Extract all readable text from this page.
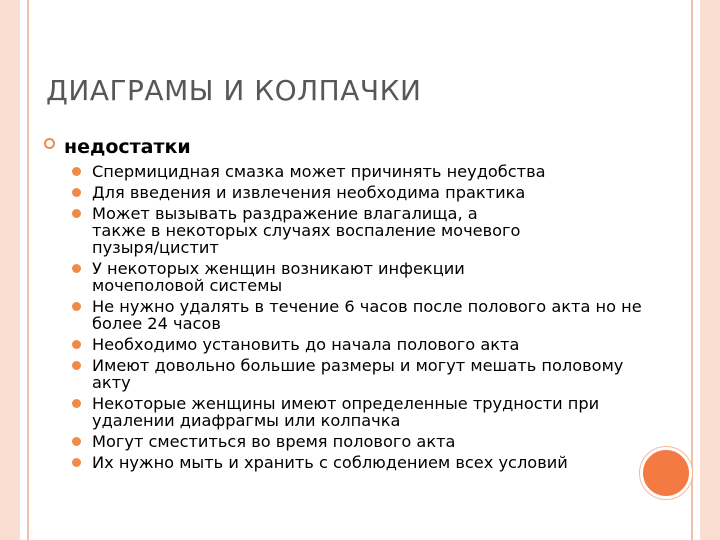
ДИАГРАМЫ И КОЛПАЧКИ
недостатки
Спермицидная смазка может причинять неудобства
Для введения и извлечения необходима практика
Может вызывать раздражение влагалища, а также в некоторых случаях воспаление мочевого пузыря/цистит
У некоторых женщин возникают инфекции мочеполовой системы
Не нужно удалять в течение 6 часов после полового акта но не более 24 часов
Необходимо установить до начала полового акта
Имеют довольно большие размеры и могут мешать половому акту
Некоторые женщины имеют определенные трудности при удалении диафрагмы или колпачка
Могут сместиться во время полового акта
Их нужно мыть и хранить с соблюдением всех условий
